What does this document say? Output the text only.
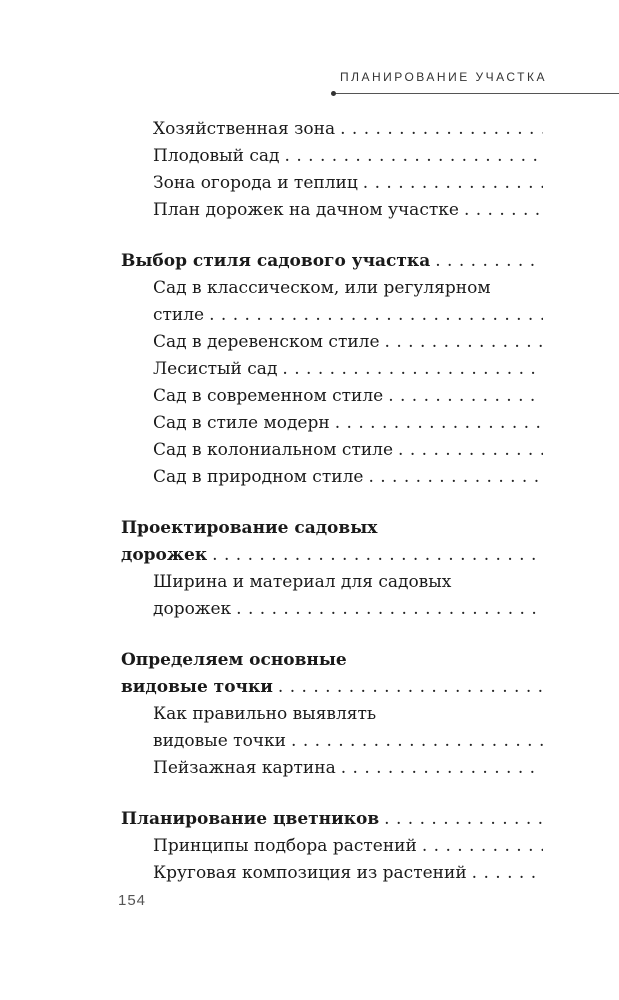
ПЛАНИРОВАНИЕ УЧАСТКА
Хозяйственная зона
. . .
Плодовый сад
. . .
Зона огорода и теплиц
. . .
План дорожек на дачном участке
. . .
Выбор стиля садового участка
. . .
Сад в классическом, или регулярном
стиле
. . .
Сад в деревенском стиле
. . .
Лесистый сад
. . .
Сад в современном стиле
. . .
Сад в стиле модерн
. . .
Сад в колониальном стиле
. . .
Сад в природном стиле
. . .
Проектирование садовых
дорожек
. . .
Ширина и материал для садовых
дорожек
. . .
Определяем основные
видовые точки
. . .
Как правильно выявлять
видовые точки
. . .
Пейзажная картина
. . .
Планирование цветников
. . .
Принципы подбора растений
. . .
Круговая композиция из растений
. . .
154
